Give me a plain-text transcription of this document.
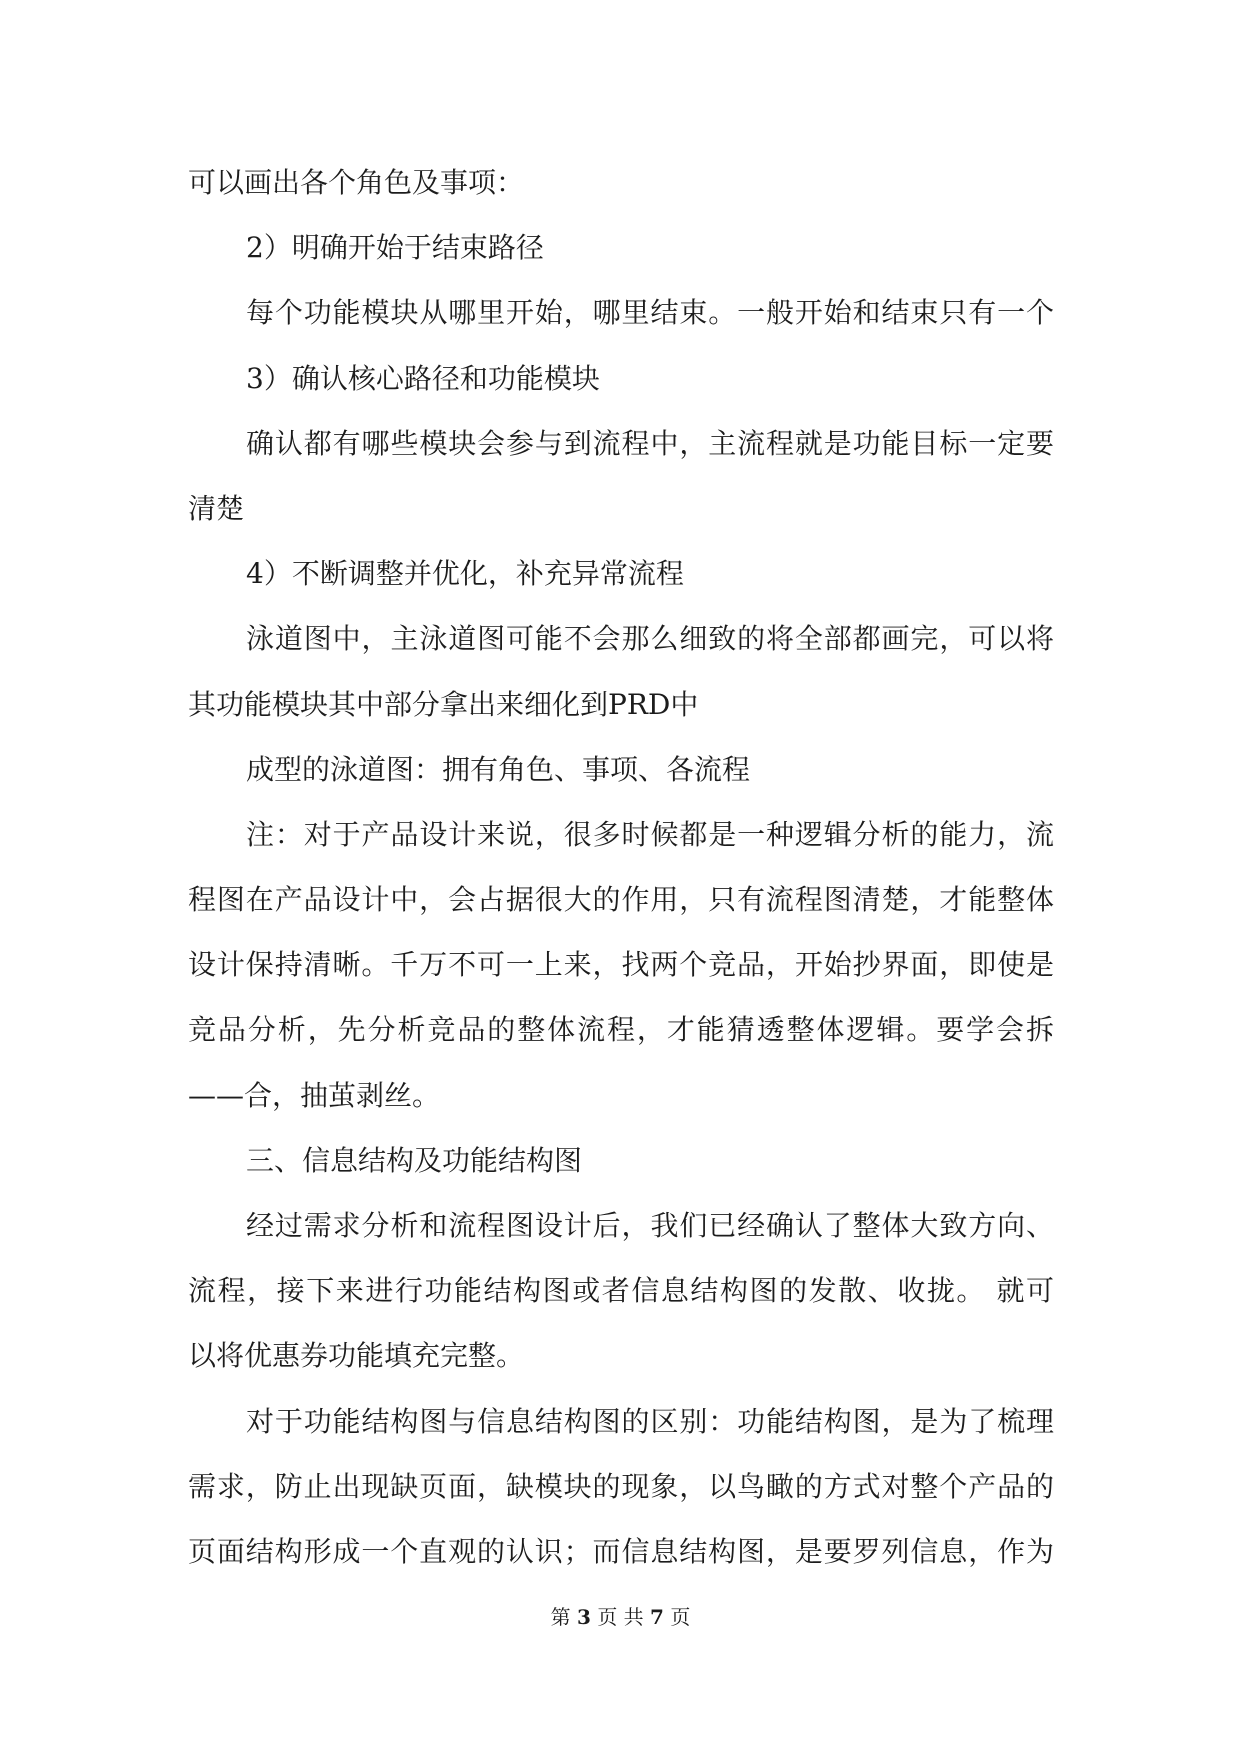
可以画出各个角色及事项：
2）明确开始于结束路径
每个功能模块从哪里开始，哪里结束。一般开始和结束只有一个
3）确认核心路径和功能模块
确认都有哪些模块会参与到流程中，主流程就是功能目标一定要
清楚
4）不断调整并优化，补充异常流程
泳道图中，主泳道图可能不会那么细致的将全部都画完，可以将
其功能模块其中部分拿出来细化到PRD中
成型的泳道图：拥有角色、事项、各流程
注：对于产品设计来说，很多时候都是一种逻辑分析的能力，流
程图在产品设计中，会占据很大的作用，只有流程图清楚，才能整体
设计保持清晰。千万不可一上来，找两个竞品，开始抄界面，即使是
竞品分析，先分析竞品的整体流程，才能猜透整体逻辑。要学会拆
——合，抽茧剥丝。
三、信息结构及功能结构图
经过需求分析和流程图设计后，我们已经确认了整体大致方向、
流程，接下来进行功能结构图或者信息结构图的发散、收拢。 就可
以将优惠券功能填充完整。
对于功能结构图与信息结构图的区别：功能结构图，是为了梳理
需求，防止出现缺页面，缺模块的现象，以鸟瞰的方式对整个产品的
页面结构形成一个直观的认识；而信息结构图，是要罗列信息，作为
第 3 页 共 7 页
